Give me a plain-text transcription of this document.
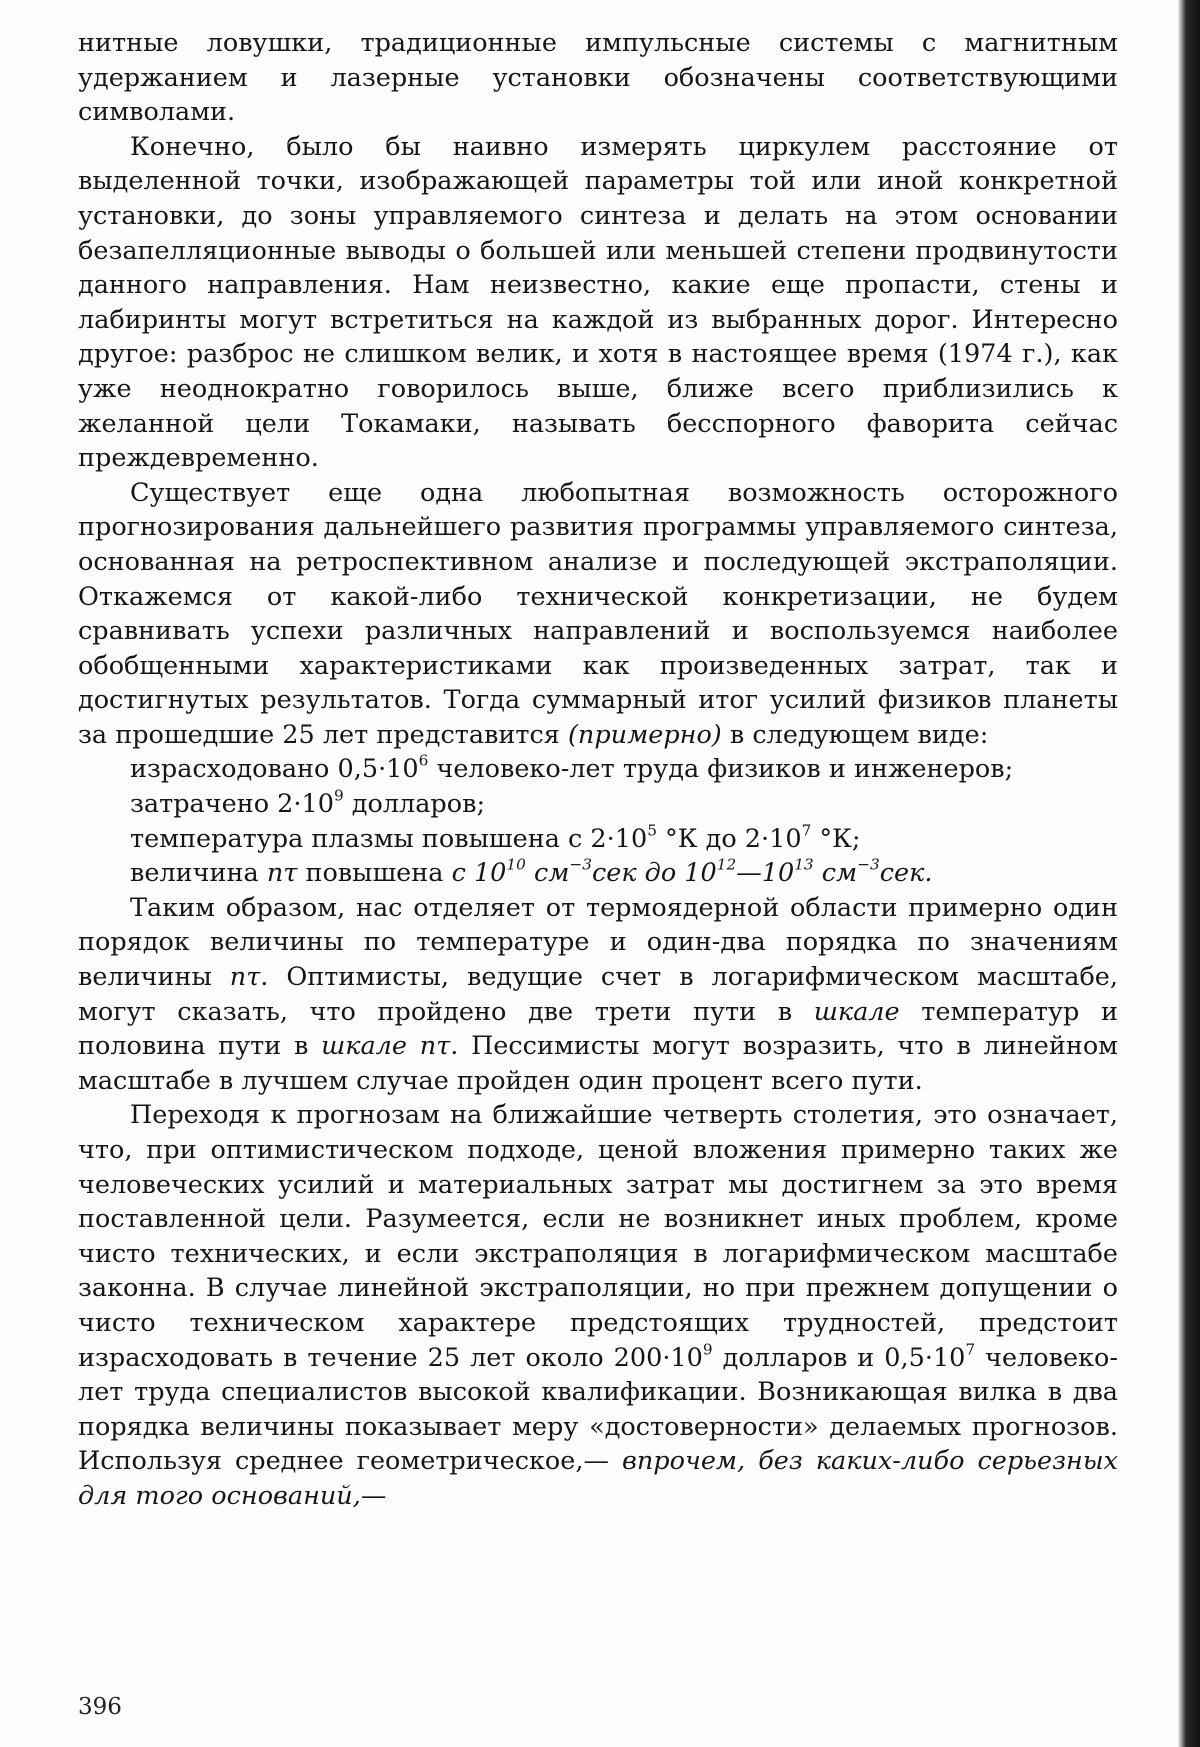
нитные ловушки, традиционные импульсные системы с магнитным удержанием и лазерные установки обозначены соответствующими символами.

Конечно, было бы наивно измерять циркулем расстояние от выделенной точки, изображающей параметры той или иной конкретной установки, до зоны управляемого синтеза и делать на этом основании безапелляционные выводы о большей или меньшей степени продвинутости данного направления. Нам неизвестно, какие еще пропасти, стены и лабиринты могут встретиться на каждой из выбранных дорог. Интересно другое: разброс не слишком велик, и хотя в настоящее время (1974 г.), как уже неоднократно говорилось выше, ближе всего приблизились к желанной цели Токамаки, называть бесспорного фаворита сейчас преждевременно.

Существует еще одна любопытная возможность осторожного прогнозирования дальнейшего развития программы управляемого синтеза, основанная на ретроспективном анализе и последующей экстраполяции. Откажемся от какой-либо технической конкретизации, не будем сравнивать успехи различных направлений и воспользуемся наиболее обобщенными характеристиками как произведенных затрат, так и достигнутых результатов. Тогда суммарный итог усилий физиков планеты за прошедшие 25 лет представится (примерно) в следующем виде:

израсходовано $0,5\cdot 10^6$ человеко-лет труда физиков и инженеров;

затрачено $2\cdot 10^9$ долларов;

температура плазмы повышена с $2\cdot 10^5$ °К до $2\cdot 10^7$ °К;

величина nτ повышена с $10^{10}$ $см^{-3}сек$ до $10^{12}—10^{13}$ $см^{-3}сек$.

Таким образом, нас отделяет от термоядерной области примерно один порядок величины по температуре и один-два порядка по значениям величины nτ. Оптимисты, ведущие счет в логарифмическом масштабе, могут сказать, что пройдено две трети пути в шкале температур и половина пути в шкале nτ. Пессимисты могут возразить, что в линейном масштабе в лучшем случае пройден один процент всего пути.

Переходя к прогнозам на ближайшие четверть столетия, это означает, что, при оптимистическом подходе, ценой вложения примерно таких же человеческих усилий и материальных затрат мы достигнем за это время поставленной цели. Разумеется, если не возникнет иных проблем, кроме чисто технических, и если экстраполяция в логарифмическом масштабе законна. В случае линейной экстраполяции, но при прежнем допущении о чисто техническом характере предстоящих трудностей, предстоит израсходовать в течение 25 лет около $200\cdot 10^9$ долларов и $0,5\cdot 10^7$ человеко-лет труда специалистов высокой квалификации. Возникающая вилка в два порядка величины показывает меру «достоверности» делаемых прогнозов. Используя среднее геометрическое,— впрочем, без каких-либо серьезных для того оснований,—

396
